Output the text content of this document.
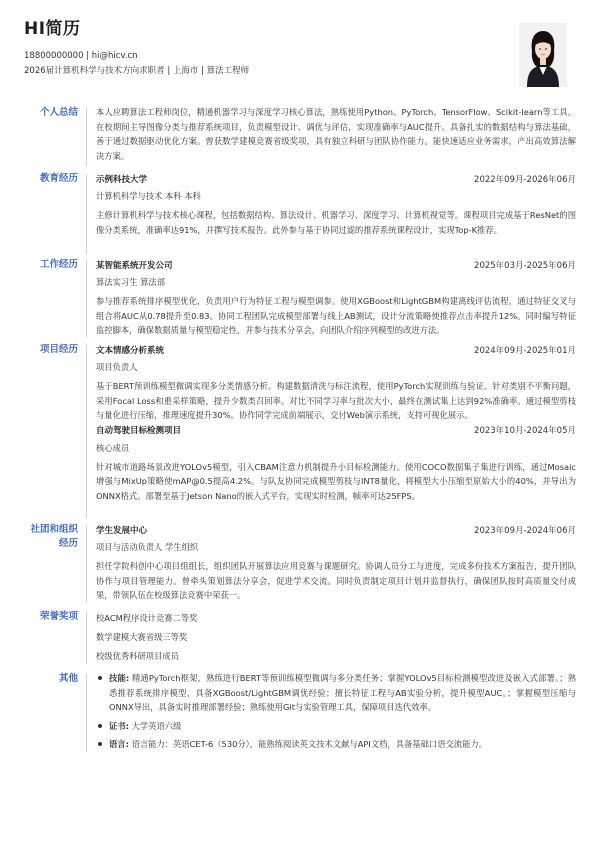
HI简历
18800000000 | hi@hicv.cn
2026届计算机科学与技术方向求职者 | 上海市 | 算法工程师
个人总结 本人应聘算法工程师岗位，精通机器学习与深度学习核心算法，熟练使用Python、PyTorch、TensorFlow、Scikit-learn等工具。在校期间主导图像分类与推荐系统项目，负责模型设计、调优与评估，实现准确率与AUC提升。具备扎实的数据结构与算法基础，善于通过数据驱动优化方案。曾获数学建模竞赛省级奖项，具有独立科研与团队协作能力。能快速适应业务需求，产出高效算法解决方案。

教育经历 示例科技大学	2022年09月-2026年06月
计算机科学与技术 本科 本科

主修计算机科学与技术核心课程，包括数据结构、算法设计、机器学习、深度学习、计算机视觉等。课程项目完成基于ResNet的图像分类系统，准确率达91%，并撰写技术报告。此外参与基于协同过滤的推荐系统课程设计，实现Top-K推荐。

工作经历 某智能系统开发公司	2025年03月-2025年06月
算法实习生 算法部

参与推荐系统排序模型优化，负责用户行为特征工程与模型调参。使用XGBoost和LightGBM构建离线评估流程，通过特征交叉与组合将AUC从0.78提升至0.83。协同工程团队完成模型部署与线上AB测试，设计分流策略使推荐点击率提升12%。同时编写特征监控脚本，确保数据质量与模型稳定性，并参与技术分享会，向团队介绍序列模型的改进方法。

项目经历 文本情感分析系统	2024年09月-2025年01月
项目负责人

基于BERT预训练模型微调实现多分类情感分析。构建数据清洗与标注流程，使用PyTorch实现训练与验证。针对类别不平衡问题，采用Focal Loss和重采样策略，提升少数类召回率。对比不同学习率与批次大小，最终在测试集上达到92%准确率。通过模型剪枝与量化进行压缩，推理速度提升30%。协作同学完成前端展示，交付Web演示系统，支持可视化展示。

自动驾驶目标检测项目	2023年10月-2024年05月
核心成员

针对城市道路场景改进YOLOv5模型，引入CBAM注意力机制提升小目标检测能力。使用COCO数据集子集进行训练，通过Mosaic增强与MixUp策略使mAP@0.5提高4.2%。与队友协同完成模型剪枝与INT8量化，将模型大小压缩至原始大小的40%，并导出为ONNX格式。部署至基于Jetson Nano的嵌入式平台，实现实时检测，帧率可达25FPS。

社团和组织
经历
学生发展中心	2023年09月-2024年06月
项目与活动负责人 学生组织

担任学院科创中心项目组组长，组织团队开展算法应用竞赛与课题研究。协调人员分工与进度，完成多份技术方案报告，提升团队协作与项目管理能力。曾牵头策划算法分享会，促进学术交流。同时负责制定项目计划并监督执行，确保团队按时高质量交付成果，带领队伍在校级算法竞赛中荣获一。

荣誉奖项 校ACM程序设计竞赛二等奖
数学建模大赛省级三等奖
校级优秀科研项目成员
其他	技能: 精通PyTorch框架，熟练进行BERT等预训练模型微调与多分类任务；掌握YOLOv5目标检测模型改进及嵌入式部署。；熟悉推荐系统排序模型，具备XGBoost/LightGBM调优经验；擅长特征工程与AB实验分析，提升模型AUC。；掌握模型压缩与ONNX导出，具备实时推理部署经验；熟练使用Git与实验管理工具，保障项目迭代效率。
证书: 大学英语六级
语言: 语言能力：英语CET-6（530分），能熟练阅读英文技术文献与API文档，具备基础口语交流能力。
